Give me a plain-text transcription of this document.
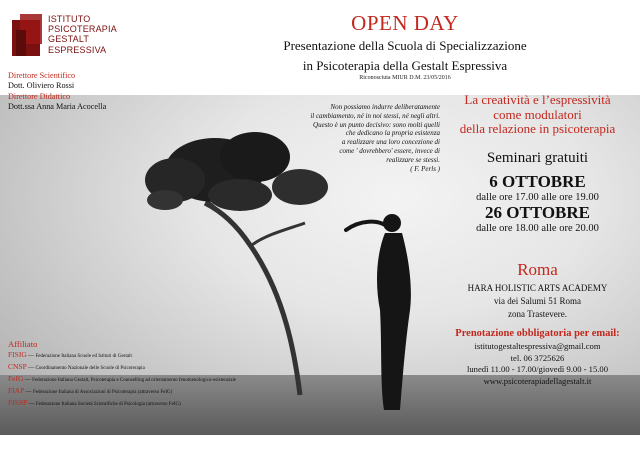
ISTITUTO
PSICOTERAPIA
GESTALT
ESPRESSIVA
Direttore Scientifico
Dott. Oliviero Rossi
Direttore Didattico
Dott.ssa Anna Maria Acocella
OPEN DAY
Presentazione della Scuola di Specializzazione
in Psicoterapia della Gestalt Espressiva
Riconosciuta MIUR D.M. 23/05/2016
Non possiamo indurre deliberatamente
il cambiamento, né in noi stessi, né negli altri.
Questo è un punto decisivo: sono molti quelli
che dedicano la propria esistenza
a realizzare una loro concezione di
come ' dovrebbero' essere, invece di
realizzare se stessi.
( F. Perls )
La creatività e l’espressività
come modulatori
della relazione in psicoterapia
Seminari gratuiti
6 OTTOBRE
dalle ore 17.00 alle ore 19.00
26 OTTOBRE
dalle ore 18.00 alle ore 20.00
Roma
HARA HOLISTIC ARTS ACADEMY
via dei Salumi 51 Roma
zona Trastevere.
Prenotazione obbligatoria per email:
istitutogestaltespressiva@gmail.com
tel. 06 3725626
lunedì 11.00 - 17.00/giovedì 9.00 - 15.00
www.psicoterapiadellagestalt.it
Affiliato
FISIG — Federazione Italiana Scuole ed Istituti di Gestalt
CNSP — Coordinamento Nazionale delle Scuole di Psicoterapia
FeIG — Federazione Italiana Gestalt, Psicoterapia e Counselling ad orientamento fenomenologico-esistenziale
FIAP — Federazione Italiana di Associazioni di Psicoterapia (attraverso FeIG)
FISSP — Federazione Italiana Società Scientifiche di Psicologia (attraverso FeIG)
